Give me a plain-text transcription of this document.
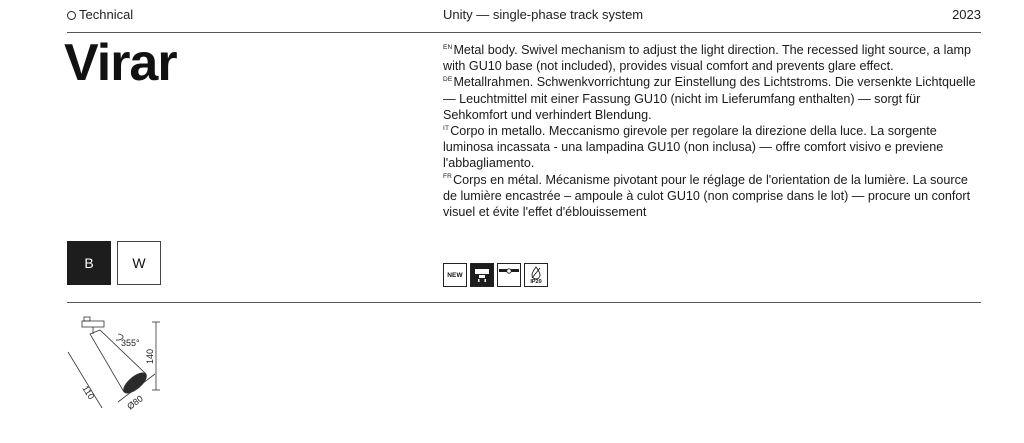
Technical	Unity — single-phase track system	2023
Virar	$^{EN}$Metal body. Swivel mechanism to adjust the light direction. The recessed light source, a lamp with GU10 base (not included), provides visual comfort and prevents glare effect.

$^{DE}$Metallrahmen. Schwenkvorrichtung zur Einstellung des Lichtstroms. Die versenkte Lichtquelle — Leuchtmittel mit einer Fassung GU10 (nicht im Lieferumfang enthalten) — sorgt für Sehkomfort und verhindert Blendung.

$^{IT}$Corpo in metallo. Meccanismo girevole per regolare la direzione della luce. La sorgente luminosa incassata - una lampadina GU10 (non inclusa) — offre comfort visivo e previene l'abbagliamento.

$^{FR}$Corps en métal. Mécanisme pivotant pour le réglage de l'orientation de la lumière. La source de lumière encastrée – ampoule à culot GU10 (non comprise dans le lot) — procure un confort visuel et évite l'effet d'éblouissement

B	W
NEW
IP20
355°
140
110
Ø80
